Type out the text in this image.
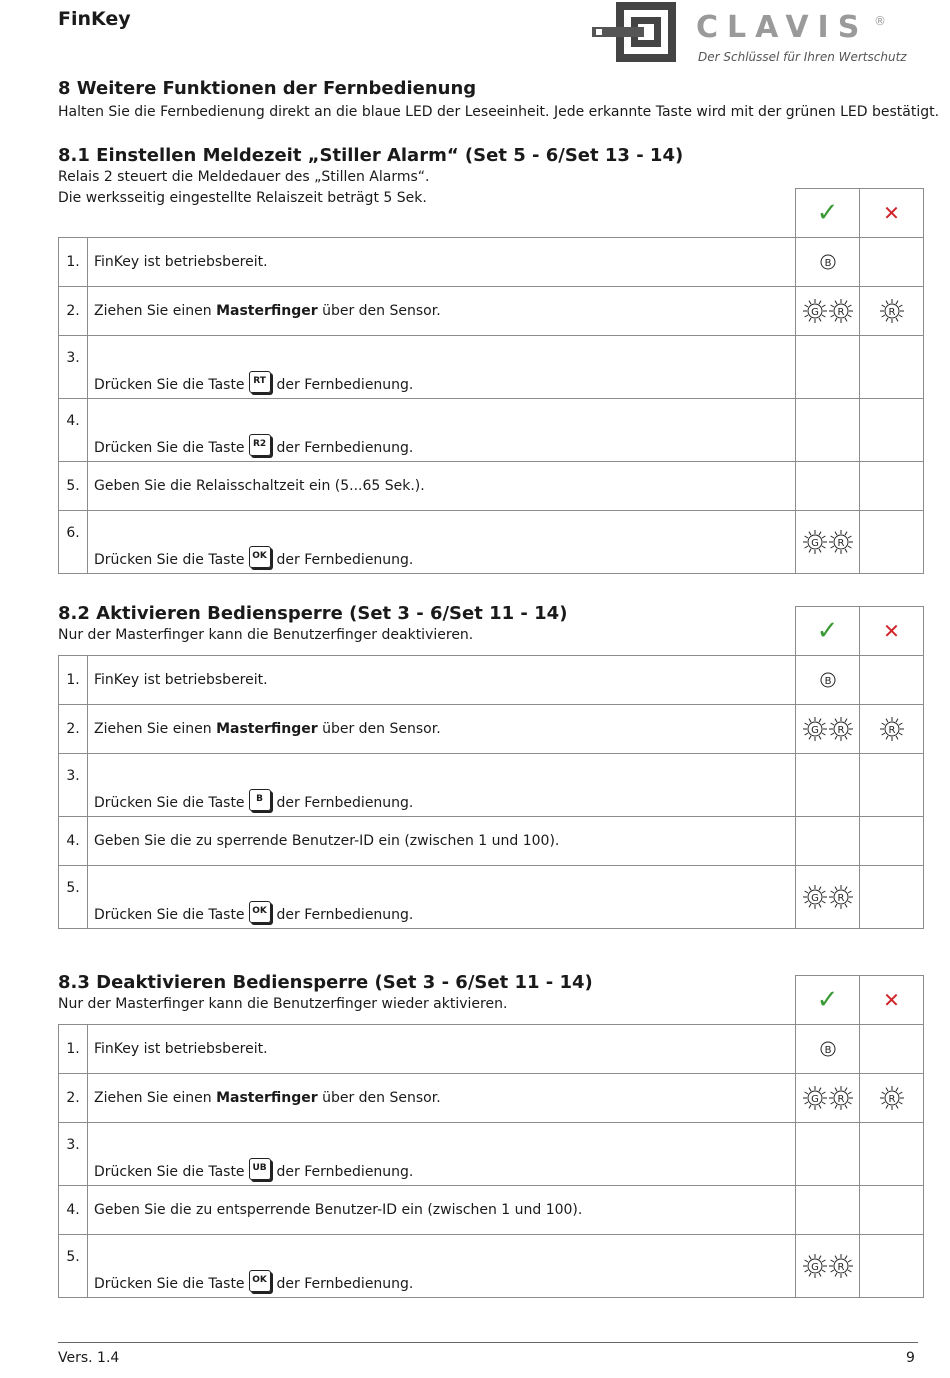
FinKey	CLAVIS ®
Der Schlüssel für Ihren Wertschutz
8 Weitere Funktionen der Fernbedienung
Halten Sie die Fernbedienung direkt an die blaue LED der Leseeinheit. Jede erkannte Taste wird mit der grünen LED bestätigt.
8.1 Einstellen Meldezeit „Stiller Alarm“ (Set 5 - 6/Set 13 - 14)
Relais 2 steuert die Meldedauer des „Stillen Alarms“.
Die werksseitig eingestellte Relaiszeit beträgt 5 Sek.
			✓	✕
1.	FinKey ist betriebsbereit.	B	

2.	Ziehen Sie einen Masterfinger über den Sensor.	G R	R

3.	Drücken Sie die Taste RT der Fernbedienung.		
4.	Drücken Sie die Taste R2 der Fernbedienung.		
5.	Geben Sie die Relaisschaltzeit ein (5...65 Sek.).		
6.	Drücken Sie die Taste OK der Fernbedienung.	G R	

8.2 Aktivieren Bediensperre (Set 3 - 6/Set 11 - 14)
Nur der Masterfinger kann die Benutzerfinger deaktivieren.
			✓	✕
1.	FinKey ist betriebsbereit.	B	

2.	Ziehen Sie einen Masterfinger über den Sensor.	G R	R

3.	Drücken Sie die Taste B der Fernbedienung.		
4.	Geben Sie die zu sperrende Benutzer-ID ein (zwischen 1 und 100).		
5.	Drücken Sie die Taste OK der Fernbedienung.	G R	

8.3 Deaktivieren Bediensperre (Set 3 - 6/Set 11 - 14)
Nur der Masterfinger kann die Benutzerfinger wieder aktivieren.
			✓	✕
1.	FinKey ist betriebsbereit.	B	

2.	Ziehen Sie einen Masterfinger über den Sensor.	G R	R

3.	Drücken Sie die Taste UB der Fernbedienung.		
4.	Geben Sie die zu entsperrende Benutzer-ID ein (zwischen 1 und 100).		
5.	Drücken Sie die Taste OK der Fernbedienung.	G R	

Vers. 1.4	9
